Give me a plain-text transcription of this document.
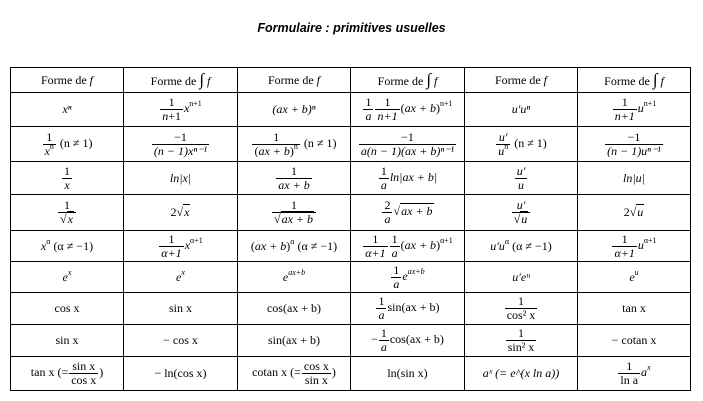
Formulaire : primitives usuelles
Forme de f	Forme de ∫ f	Forme de f	Forme de ∫ f	Forme de f	Forme de ∫ f
xⁿ	$\frac{1}{n+1} x^{n+1}$	(ax + b)ⁿ	$\frac{1}{a} \frac{1}{n+1} (ax + b)^{n+1}$	u′uⁿ	$\frac{1}{n+1} u^{n+1}$

$\frac{1}{x^n} (n \ne 1)$	$\frac{-1}{\text{(n − 1)xⁿ⁻¹}}$	$\frac{1}{(ax + b)^n} (n \ne 1)$	$\frac{-1}{\text{a(n − 1)(ax + b)ⁿ⁻¹}}$	$\frac{u'}{u^n} (n \ne 1)$	$\frac{-1}{\text{(n − 1)uⁿ⁻¹}}$

$\frac{1}{x}$	ln|x|	$\frac{1}{ax + b}$	$\frac{1}{a} \ln|ax + b|$	$\frac{u'}{u}$	ln|u|

$\frac{1}{√x}$	2√x	$\frac{1}{√ax + b}$	$\frac{2}{a} √ax + b$	$\frac{u'}{√u}$	2√u
$x^\alpha$ (α ≠ −1)	$\frac{1}{\alpha+1} x^{\alpha+1}$	(ax + b)$^\alpha$ (α ≠ −1)	$\frac{1}{\alpha+1} \frac{1}{a} (ax + b)^{\alpha+1}$	$u'u^\alpha$ (α ≠ −1)	$\frac{1}{\alpha+1} u^{\alpha+1}$
$e^x$	$e^x$	$e^{ax+b}$	$\frac{1}{a} e^{ax+b}$	u′eᵘ	$e^u$
cos x	sin x	cos(ax + b)	$\frac{1}{a} \sin(ax + b)$	$\frac{1}{\text{cos² x}}$	tan x
sin x	− cos x	sin(ax + b)	− $\frac{1}{a} \cos(ax + b)$	$\frac{1}{\text{sin² x}}$	− cotan x
tan x (= $\frac{\text{sin x}}{\text{cos x}}$ )	− ln(cos x)	cotan x (= $\frac{\text{cos x}}{\text{sin x}}$ )	ln(sin x)	aˣ (= e^(x ln a))	$\frac{1}{\text{ln a}} a^x$
